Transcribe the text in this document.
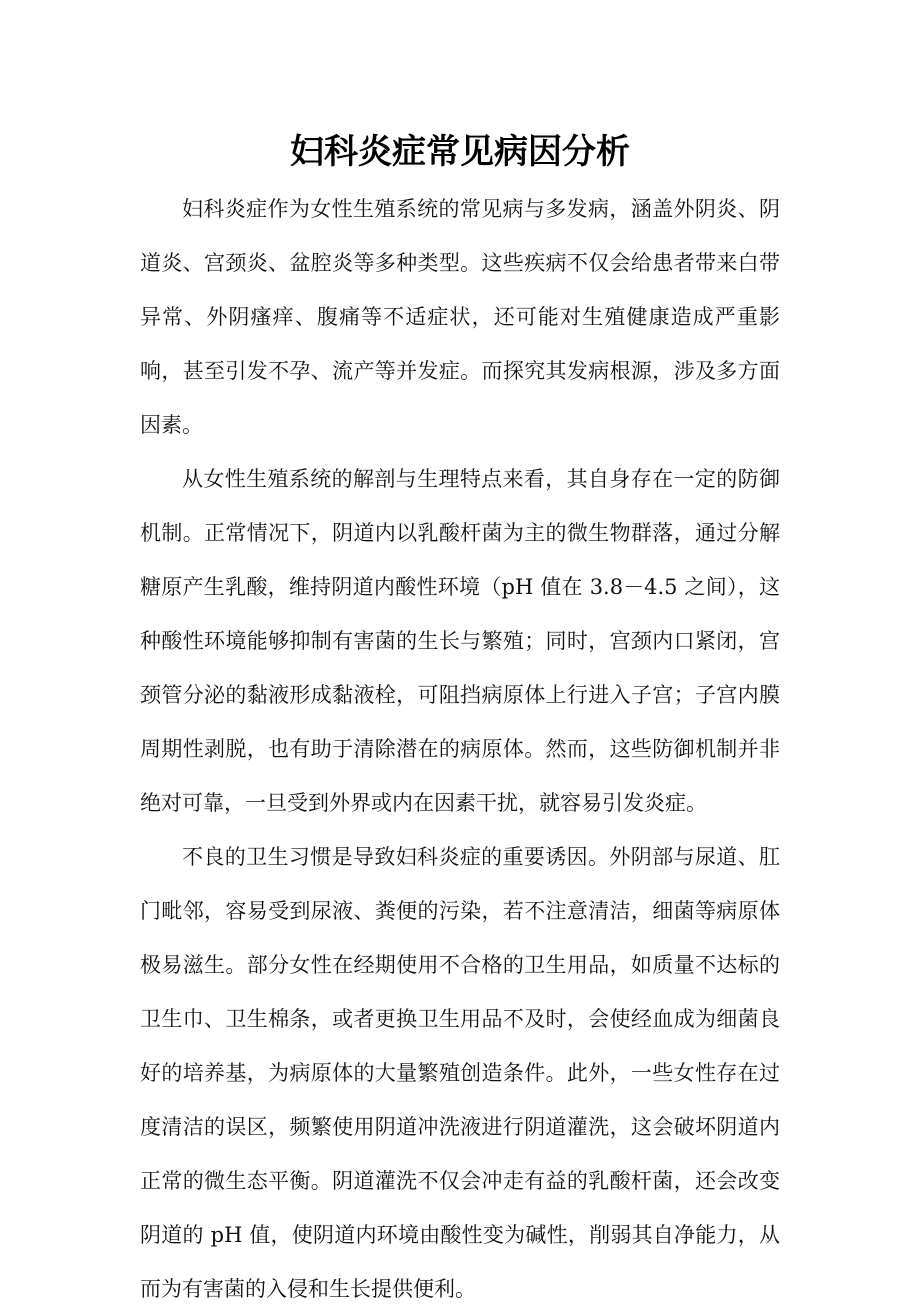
妇科炎症常见病因分析

妇科炎症作为女性生殖系统的常见病与多发病，涵盖外阴炎、阴道炎、宫颈炎、盆腔炎等多种类型。这些疾病不仅会给患者带来白带异常、外阴瘙痒、腹痛等不适症状，还可能对生殖健康造成严重影响，甚至引发不孕、流产等并发症。而探究其发病根源，涉及多方面因素。

从女性生殖系统的解剖与生理特点来看，其自身存在一定的防御机制。正常情况下，阴道内以乳酸杆菌为主的微生物群落，通过分解糖原产生乳酸，维持阴道内酸性环境（pH 值在 3.8－4.5 之间），这种酸性环境能够抑制有害菌的生长与繁殖；同时，宫颈内口紧闭，宫颈管分泌的黏液形成黏液栓，可阻挡病原体上行进入子宫；子宫内膜周期性剥脱，也有助于清除潜在的病原体。然而，这些防御机制并非绝对可靠，一旦受到外界或内在因素干扰，就容易引发炎症。

不良的卫生习惯是导致妇科炎症的重要诱因。外阴部与尿道、肛门毗邻，容易受到尿液、粪便的污染，若不注意清洁，细菌等病原体极易滋生。部分女性在经期使用不合格的卫生用品，如质量不达标的卫生巾、卫生棉条，或者更换卫生用品不及时，会使经血成为细菌良好的培养基，为病原体的大量繁殖创造条件。此外，一些女性存在过度清洁的误区，频繁使用阴道冲洗液进行阴道灌洗，这会破坏阴道内正常的微生态平衡。阴道灌洗不仅会冲走有益的乳酸杆菌，还会改变阴道的 pH 值，使阴道内环境由酸性变为碱性，削弱其自净能力，从而为有害菌的入侵和生长提供便利。
